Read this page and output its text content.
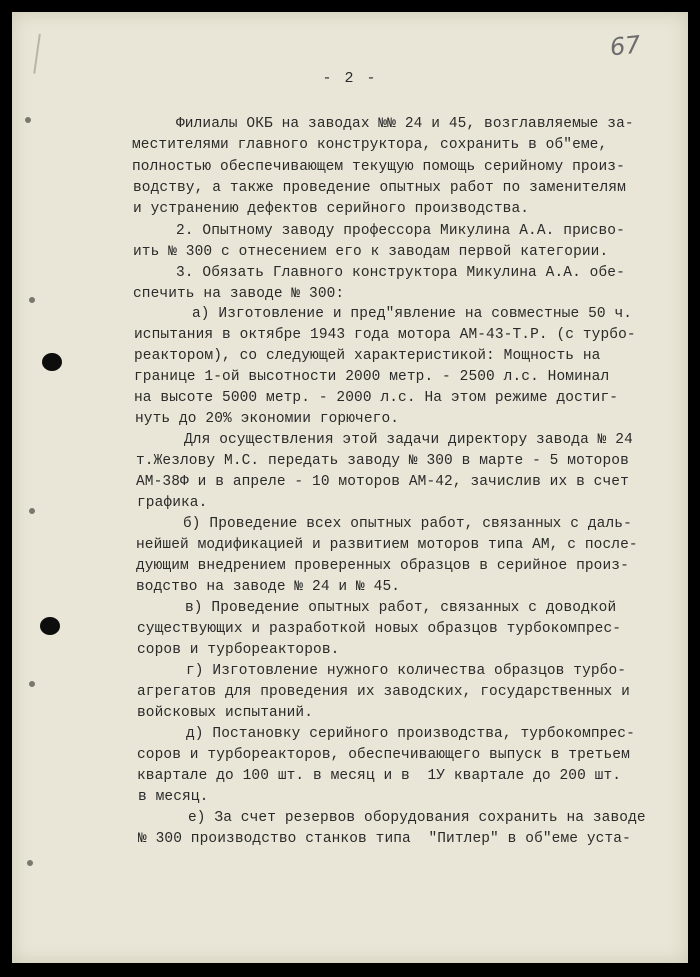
67
- 2 -
Филиалы ОКБ на заводах №№ 24 и 45, возглавляемые за-
местителями главного конструктора, сохранить в об"еме,
полностью обеспечивающем текущую помощь серийному произ-
водству, а также проведение опытных работ по заменителям
и устранению дефектов серийного производства.
2. Опытному заводу профессора Микулина А.А. присво-
ить № 300 с отнесением его к заводам первой категории.
3. Обязать Главного конструктора Микулина А.А. обе-
спечить на заводе № 300:
а) Изготовление и пред"явление на совместные 50 ч.
испытания в октябре 1943 года мотора АМ-43-Т.Р. (с турбо-
реактором), со следующей характеристикой: Мощность на
границе 1-ой высотности 2000 метр. - 2500 л.с. Номинал
на высоте 5000 метр. - 2000 л.с. На этом режиме достиг-
нуть до 20% экономии горючего.
Для осуществления этой задачи директору завода № 24
т.Жезлову М.С. передать заводу № 300 в марте - 5 моторов
АМ-38Ф и в апреле - 10 моторов АМ-42, зачислив их в счет
графика.
б) Проведение всех опытных работ, связанных с даль-
нейшей модификацией и развитием моторов типа АМ, с после-
дующим внедрением проверенных образцов в серийное произ-
водство на заводе № 24 и № 45.
в) Проведение опытных работ, связанных с доводкой
существующих и разработкой новых образцов турбокомпрес-
соров и турбореакторов.
г) Изготовление нужного количества образцов турбо-
агрегатов для проведения их заводских, государственных и
войсковых испытаний.
д) Постановку серийного производства, турбокомпрес-
соров и турбореакторов, обеспечивающего выпуск в третьем
квартале до 100 шт. в месяц и в  1У квартале до 200 шт.
в месяц.
е) За счет резервов оборудования сохранить на заводе
№ 300 производство станков типа  "Питлер" в об"еме уста-
